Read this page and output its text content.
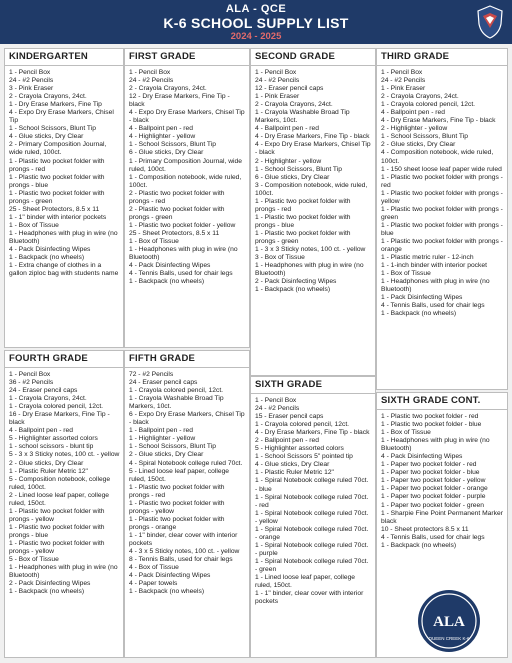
ALA - QCE
K-6 SCHOOL SUPPLY LIST
2024 - 2025
KINDERGARTEN
1 - Pencil Box
24 - #2 Pencils
3 - Pink Eraser
2 - Crayola Crayons, 24ct.
1 - Dry Erase Markers, Fine Tip
4 - Expo Dry Erase Markers, Chisel Tip
1 - School Scissors, Blunt Tip
4 - Glue sticks, Dry Clear
2 - Primary Composition Journal, wide ruled, 100ct.
1 - Plastic two pocket folder with prongs - red
1 - Plastic two pocket folder with prongs - blue
1 - Plastic two pocket folder with prongs - green
25 - Sheet Protectors, 8.5 x 11
1 - 1" binder with interior pockets
1 - Box of Tissue
1 - Headphones with plug in wire (no Bluetooth)
4 - Pack Disinfecting Wipes
1 - Backpack (no wheels)
1 - Extra change of clothes in a gallon ziploc bag with students name
FIRST GRADE
1 - Pencil Box
24 - #2 Pencils
2 - Crayola Crayons, 24ct.
12 - Dry Erase Markers, Fine Tip - black
4 - Expo Dry Erase Markers, Chisel Tip - black
4 - Ballpoint pen - red
4 - Highlighter - yellow
1 - School Scissors, Blunt Tip
6 - Glue sticks, Dry Clear
1 - Primary Composition Journal, wide ruled, 100ct.
1 - Composition notebook, wide ruled, 100ct.
2 - Plastic two pocket folder with prongs - red
2 - Plastic two pocket folder with prongs - green
1 - Plastic two pocket folder - yellow
25 - Sheet Protectors, 8.5 x 11
1 - Box of Tissue
1 - Headphones with plug in wire (no Bluetooth)
4 - Pack Disinfecting Wipes
4 - Tennis Balls, used for chair legs
1 - Backpack (no wheels)
SECOND GRADE
1 - Pencil Box
24 - #2 Pencils
12 - Eraser pencil caps
1 - Pink Eraser
2 - Crayola Crayons, 24ct.
1 - Crayola Washable Broad Tip Markers, 10ct.
4 - Ballpoint pen - red
4 - Dry Erase Markers, Fine Tip - black
4 - Expo Dry Erase Markers, Chisel Tip - black
2 - Highlighter - yellow
1 - School Scissors, Blunt Tip
6 - Glue sticks, Dry Clear
3 - Composition notebook, wide ruled, 100ct.
1 - Plastic two pocket folder with prongs - red
1 - Plastic two pocket folder with prongs - blue
1 - Plastic two pocket folder with prongs - green
1 - 3 x 3 Sticky notes, 100 ct. - yellow
3 - Box of Tissue
1 - Headphones with plug in wire (no Bluetooth)
2 - Pack Disinfecting Wipes
1 - Backpack (no wheels)
THIRD GRADE
1 - Pencil Box
24 - #2 Pencils
1 - Pink Eraser
2 - Crayola Crayons, 24ct.
1 - Crayola colored pencil, 12ct.
4 - Ballpoint pen - red
4 - Dry Erase Markers, Fine Tip - black
2 - Highlighter - yellow
1 - School Scissors, Blunt Tip
2 - Glue sticks, Dry Clear
4 - Composition notebook, wide ruled, 100ct.
1 - 150 sheet loose leaf paper wide ruled
1 - Plastic two pocket folder with prongs - red
1 - Plastic two pocket folder with prongs - yellow
1 - Plastic two pocket folder with prongs - green
1 - Plastic two pocket folder with prongs - blue
1 - Plastic two pocket folder with prongs - orange
1 - Plastic metric ruler - 12-inch
1 - 1-inch binder with interior pocket
1 - Box of Tissue
1 - Headphones with plug in wire (no Bluetooth)
1 - Pack Disinfecting Wipes
4 - Tennis Balls, used for chair legs
1 - Backpack (no wheels)
FOURTH GRADE
1 - Pencil Box
36 - #2 Pencils
24 - Eraser pencil caps
1 - Crayola Crayons, 24ct.
1 - Crayola colored pencil, 12ct.
16 - Dry Erase Markers, Fine Tip - black
4 - Ballpoint pen - red
5 - Highlighter assorted colors
1 - school scissors - blunt tip
5 - 3 x 3 Sticky notes, 100 ct. - yellow
2 - Glue sticks, Dry Clear
1 - Plastic Ruler Metric 12"
5 - Composition notebook, college ruled, 100ct.
2 - Lined loose leaf paper, college ruled, 150ct.
1 - Plastic two pocket folder with prongs - yellow
1 - Plastic two pocket folder with prongs - blue
1 - Plastic two pocket folder with prongs - yellow
5 - Box of Tissue
1 - Headphones with plug in wire (no Bluetooth)
2 - Pack Disinfecting Wipes
1 - Backpack (no wheels)
FIFTH GRADE
72 - #2 Pencils
24 - Eraser pencil caps
1 - Crayola colored pencil, 12ct.
1 - Crayola Washable Broad Tip Markers, 10ct.
6 - Expo Dry Erase Markers, Chisel Tip - black
1 - Ballpoint pen - red
1 - Highlighter - yellow
1 - School Scissors, Blunt Tip
2 - Glue sticks, Dry Clear
4 - Spiral Notebook college ruled 70ct.
5 - Lined loose leaf paper, college ruled, 150ct.
1 - Plastic two pocket folder with prongs - red
1 - Plastic two pocket folder with prongs - yellow
1 - Plastic two pocket folder with prongs - orange
1 - 1" binder, clear cover with interior pockets
4 - 3 x 5 Sticky notes, 100 ct. - yellow
8 - Tennis Balls, used for chair legs
4 - Box of Tissue
4 - Pack Disinfecting Wipes
4 - Paper towels
1 - Backpack (no wheels)
SIXTH GRADE
1 - Pencil Box
24 - #2 Pencils
15 - Eraser pencil caps
1 - Crayola colored pencil, 12ct.
4 - Dry Erase Markers, Fine Tip - black
2 - Ballpoint pen - red
5 - Highlighter assorted colors
1 - School Scissors 5" pointed tip
4 - Glue sticks, Dry Clear
1 - Plastic Ruler Metric 12"
1 - Spiral Notebook college ruled 70ct. - blue
1 - Spiral Notebook college ruled 70ct. - red
1 - Spiral Notebook college ruled 70ct. - yellow
1 - Spiral Notebook college ruled 70ct. - orange
1 - Spiral Notebook college ruled 70ct. - purple
1 - Spiral Notebook college ruled 70ct. - green
1 - Lined loose leaf paper, college ruled, 150ct.
1 - 1" binder, clear cover with interior pockets
SIXTH GRADE CONT.
1 - Plastic two pocket folder - red
1 - Plastic two pocket folder - blue
1 - Box of Tissue
1 - Headphones with plug in wire (no Bluetooth)
4 - Pack Disinfecting Wipes
1 - Paper two pocket folder - red
1 - Paper two pocket folder - blue
1 - Paper two pocket folder - yellow
1 - Paper two pocket folder - orange
1 - Paper two pocket folder - purple
1 - Paper two pocket folder - green
1 - Sharpie Fine Point Permanent Marker black
10 - Sheet protectors 8.5 x 11
4 - Tennis Balls, used for chair legs
1 - Backpack (no wheels)
ALA
QUEEN CREEK K-6
